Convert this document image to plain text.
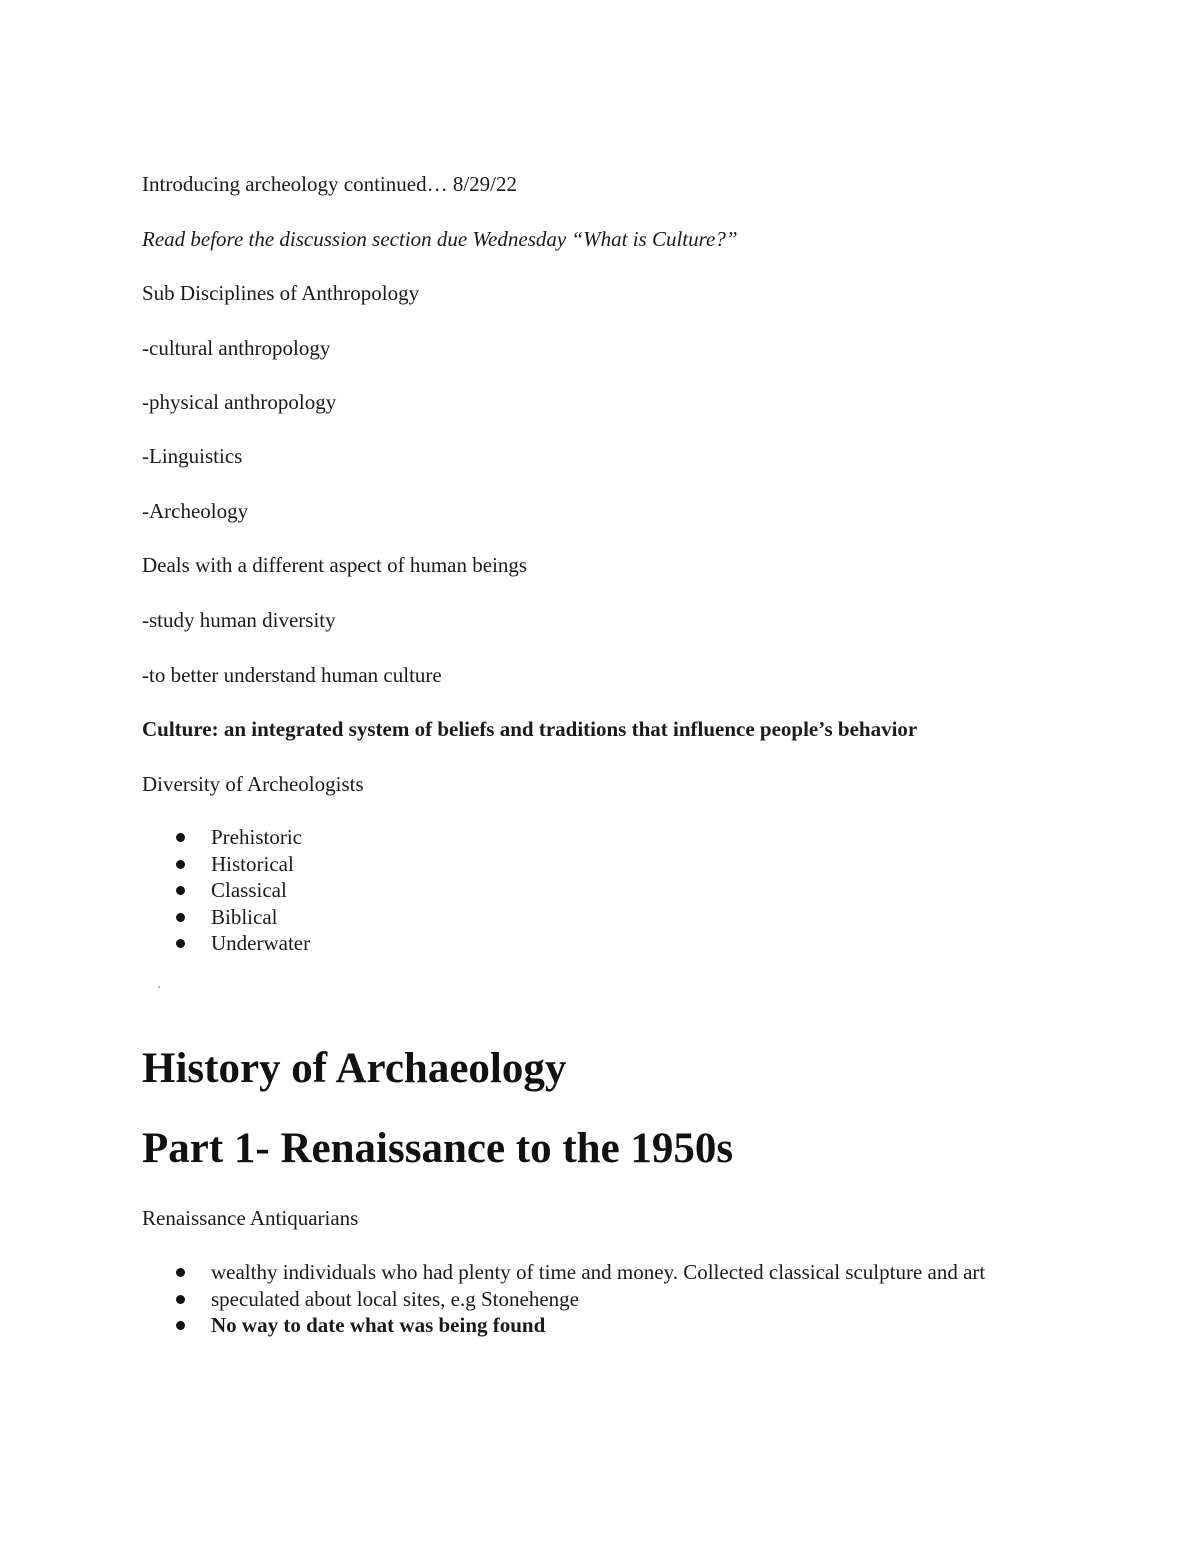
Introducing archeology continued… 8/29/22
Read before the discussion section due Wednesday “What is Culture?”
Sub Disciplines of Anthropology
-cultural anthropology
-physical anthropology
-Linguistics
-Archeology
Deals with a different aspect of human beings
-study human diversity
-to better understand human culture
Culture: an integrated system of beliefs and traditions that influence people’s behavior
Diversity of Archeologists
Prehistoric
Historical
Classical
Biblical
Underwater
History of Archaeology
Part 1- Renaissance to the 1950s
Renaissance Antiquarians
wealthy individuals who had plenty of time and money. Collected classical sculpture and art
speculated about local sites, e.g Stonehenge
No way to date what was being found
